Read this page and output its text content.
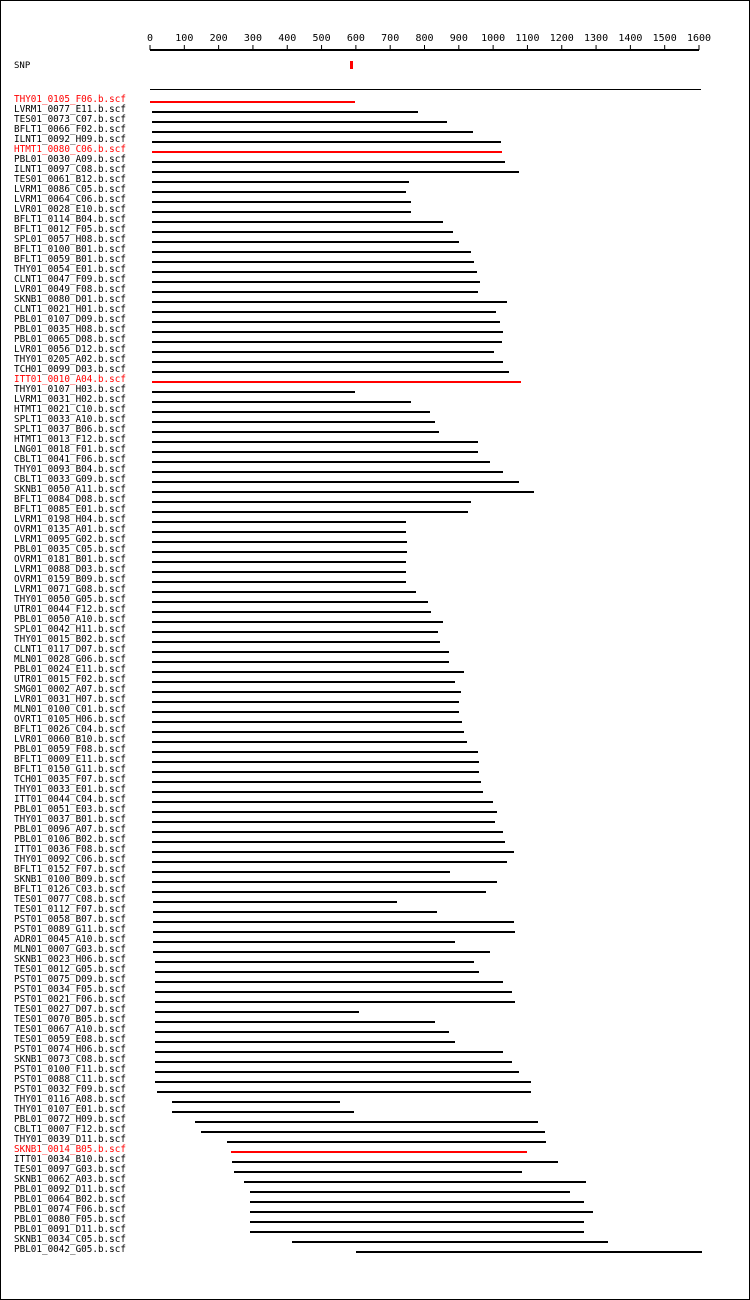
0 100 200 300 400 500 600 700 800 900 1000 1100 1200 1300 1400 1500 1600
SNP
THY01_0105_F06.b.scf
LVRM1_0077_E11.b.scf
TES01_0073_C07.b.scf
BFLT1_0066_F02.b.scf
ILNT1_0092_H09.b.scf
HTMT1_0080_C06.b.scf
PBL01_0030_A09.b.scf
ILNT1_0097_C08.b.scf
TES01_0061_B12.b.scf
LVRM1_0086_C05.b.scf
LVRM1_0064_C06.b.scf
LVR01_0028_E10.b.scf
BFLT1_0114_B04.b.scf
BFLT1_0012_F05.b.scf
SPL01_0057_H08.b.scf
BFLT1_0100_B01.b.scf
BFLT1_0059_B01.b.scf
THY01_0054_E01.b.scf
CLNT1_0047_F09.b.scf
LVR01_0049_F08.b.scf
SKNB1_0080_D01.b.scf
CLNT1_0021_H01.b.scf
PBL01_0107_D09.b.scf
PBL01_0035_H08.b.scf
PBL01_0065_D08.b.scf
LVR01_0056_D12.b.scf
THY01_0205_A02.b.scf
TCH01_0099_D03.b.scf
ITT01_0010_A04.b.scf
THY01_0107_H03.b.scf
LVRM1_0031_H02.b.scf
HTMT1_0021_C10.b.scf
SPLT1_0033_A10.b.scf
SPLT1_0037_B06.b.scf
HTMT1_0013_F12.b.scf
LNG01_0018_F01.b.scf
CBLT1_0041_F06.b.scf
THY01_0093_B04.b.scf
CBLT1_0033_G09.b.scf
SKNB1_0050_A11.b.scf
BFLT1_0084_D08.b.scf
BFLT1_0085_E01.b.scf
LVRM1_0198_H04.b.scf
OVRM1_0135_A01.b.scf
LVRM1_0095_G02.b.scf
PBL01_0035_C05.b.scf
OVRM1_0181_B01.b.scf
LVRM1_0088_D03.b.scf
OVRM1_0159_B09.b.scf
LVRM1_0071_G08.b.scf
THY01_0050_G05.b.scf
UTR01_0044_F12.b.scf
PBL01_0050_A10.b.scf
SPL01_0042_H11.b.scf
THY01_0015_B02.b.scf
CLNT1_0117_D07.b.scf
MLN01_0028_G06.b.scf
PBL01_0024_E11.b.scf
UTR01_0015_F02.b.scf
SMG01_0002_A07.b.scf
LVR01_0031_H07.b.scf
MLN01_0100_C01.b.scf
OVRT1_0105_H06.b.scf
BFLT1_0026_C04.b.scf
LVR01_0060_B10.b.scf
PBL01_0059_F08.b.scf
BFLT1_0009_E11.b.scf
BFLT1_0150_G11.b.scf
TCH01_0035_F07.b.scf
THY01_0033_E01.b.scf
ITT01_0044_C04.b.scf
PBL01_0051_E03.b.scf
THY01_0037_B01.b.scf
PBL01_0096_A07.b.scf
PBL01_0106_B02.b.scf
ITT01_0036_F08.b.scf
THY01_0092_C06.b.scf
BFLT1_0152_F07.b.scf
SKNB1_0100_B09.b.scf
BFLT1_0126_C03.b.scf
TES01_0077_C08.b.scf
TES01_0112_F07.b.scf
PST01_0058_B07.b.scf
PST01_0089_G11.b.scf
ADR01_0045_A10.b.scf
MLN01_0007_G03.b.scf
SKNB1_0023_H06.b.scf
TES01_0012_G05.b.scf
PST01_0075_D09.b.scf
PST01_0034_F05.b.scf
PST01_0021_F06.b.scf
TES01_0027_D07.b.scf
TES01_0070_B05.b.scf
TES01_0067_A10.b.scf
TES01_0059_E08.b.scf
PST01_0074_H06.b.scf
SKNB1_0073_C08.b.scf
PST01_0100_F11.b.scf
PST01_0088_C11.b.scf
PST01_0032_F09.b.scf
THY01_0116_A08.b.scf
THY01_0107_E01.b.scf
PBL01_0072_H09.b.scf
CBLT1_0007_F12.b.scf
THY01_0039_D11.b.scf
SKNB1_0014_B05.b.scf
ITT01_0034_B10.b.scf
TES01_0097_G03.b.scf
SKNB1_0062_A03.b.scf
PBL01_0092_D11.b.scf
PBL01_0064_B02.b.scf
PBL01_0074_F06.b.scf
PBL01_0080_F05.b.scf
PBL01_0091_D11.b.scf
SKNB1_0034_C05.b.scf
PBL01_0042_G05.b.scf
